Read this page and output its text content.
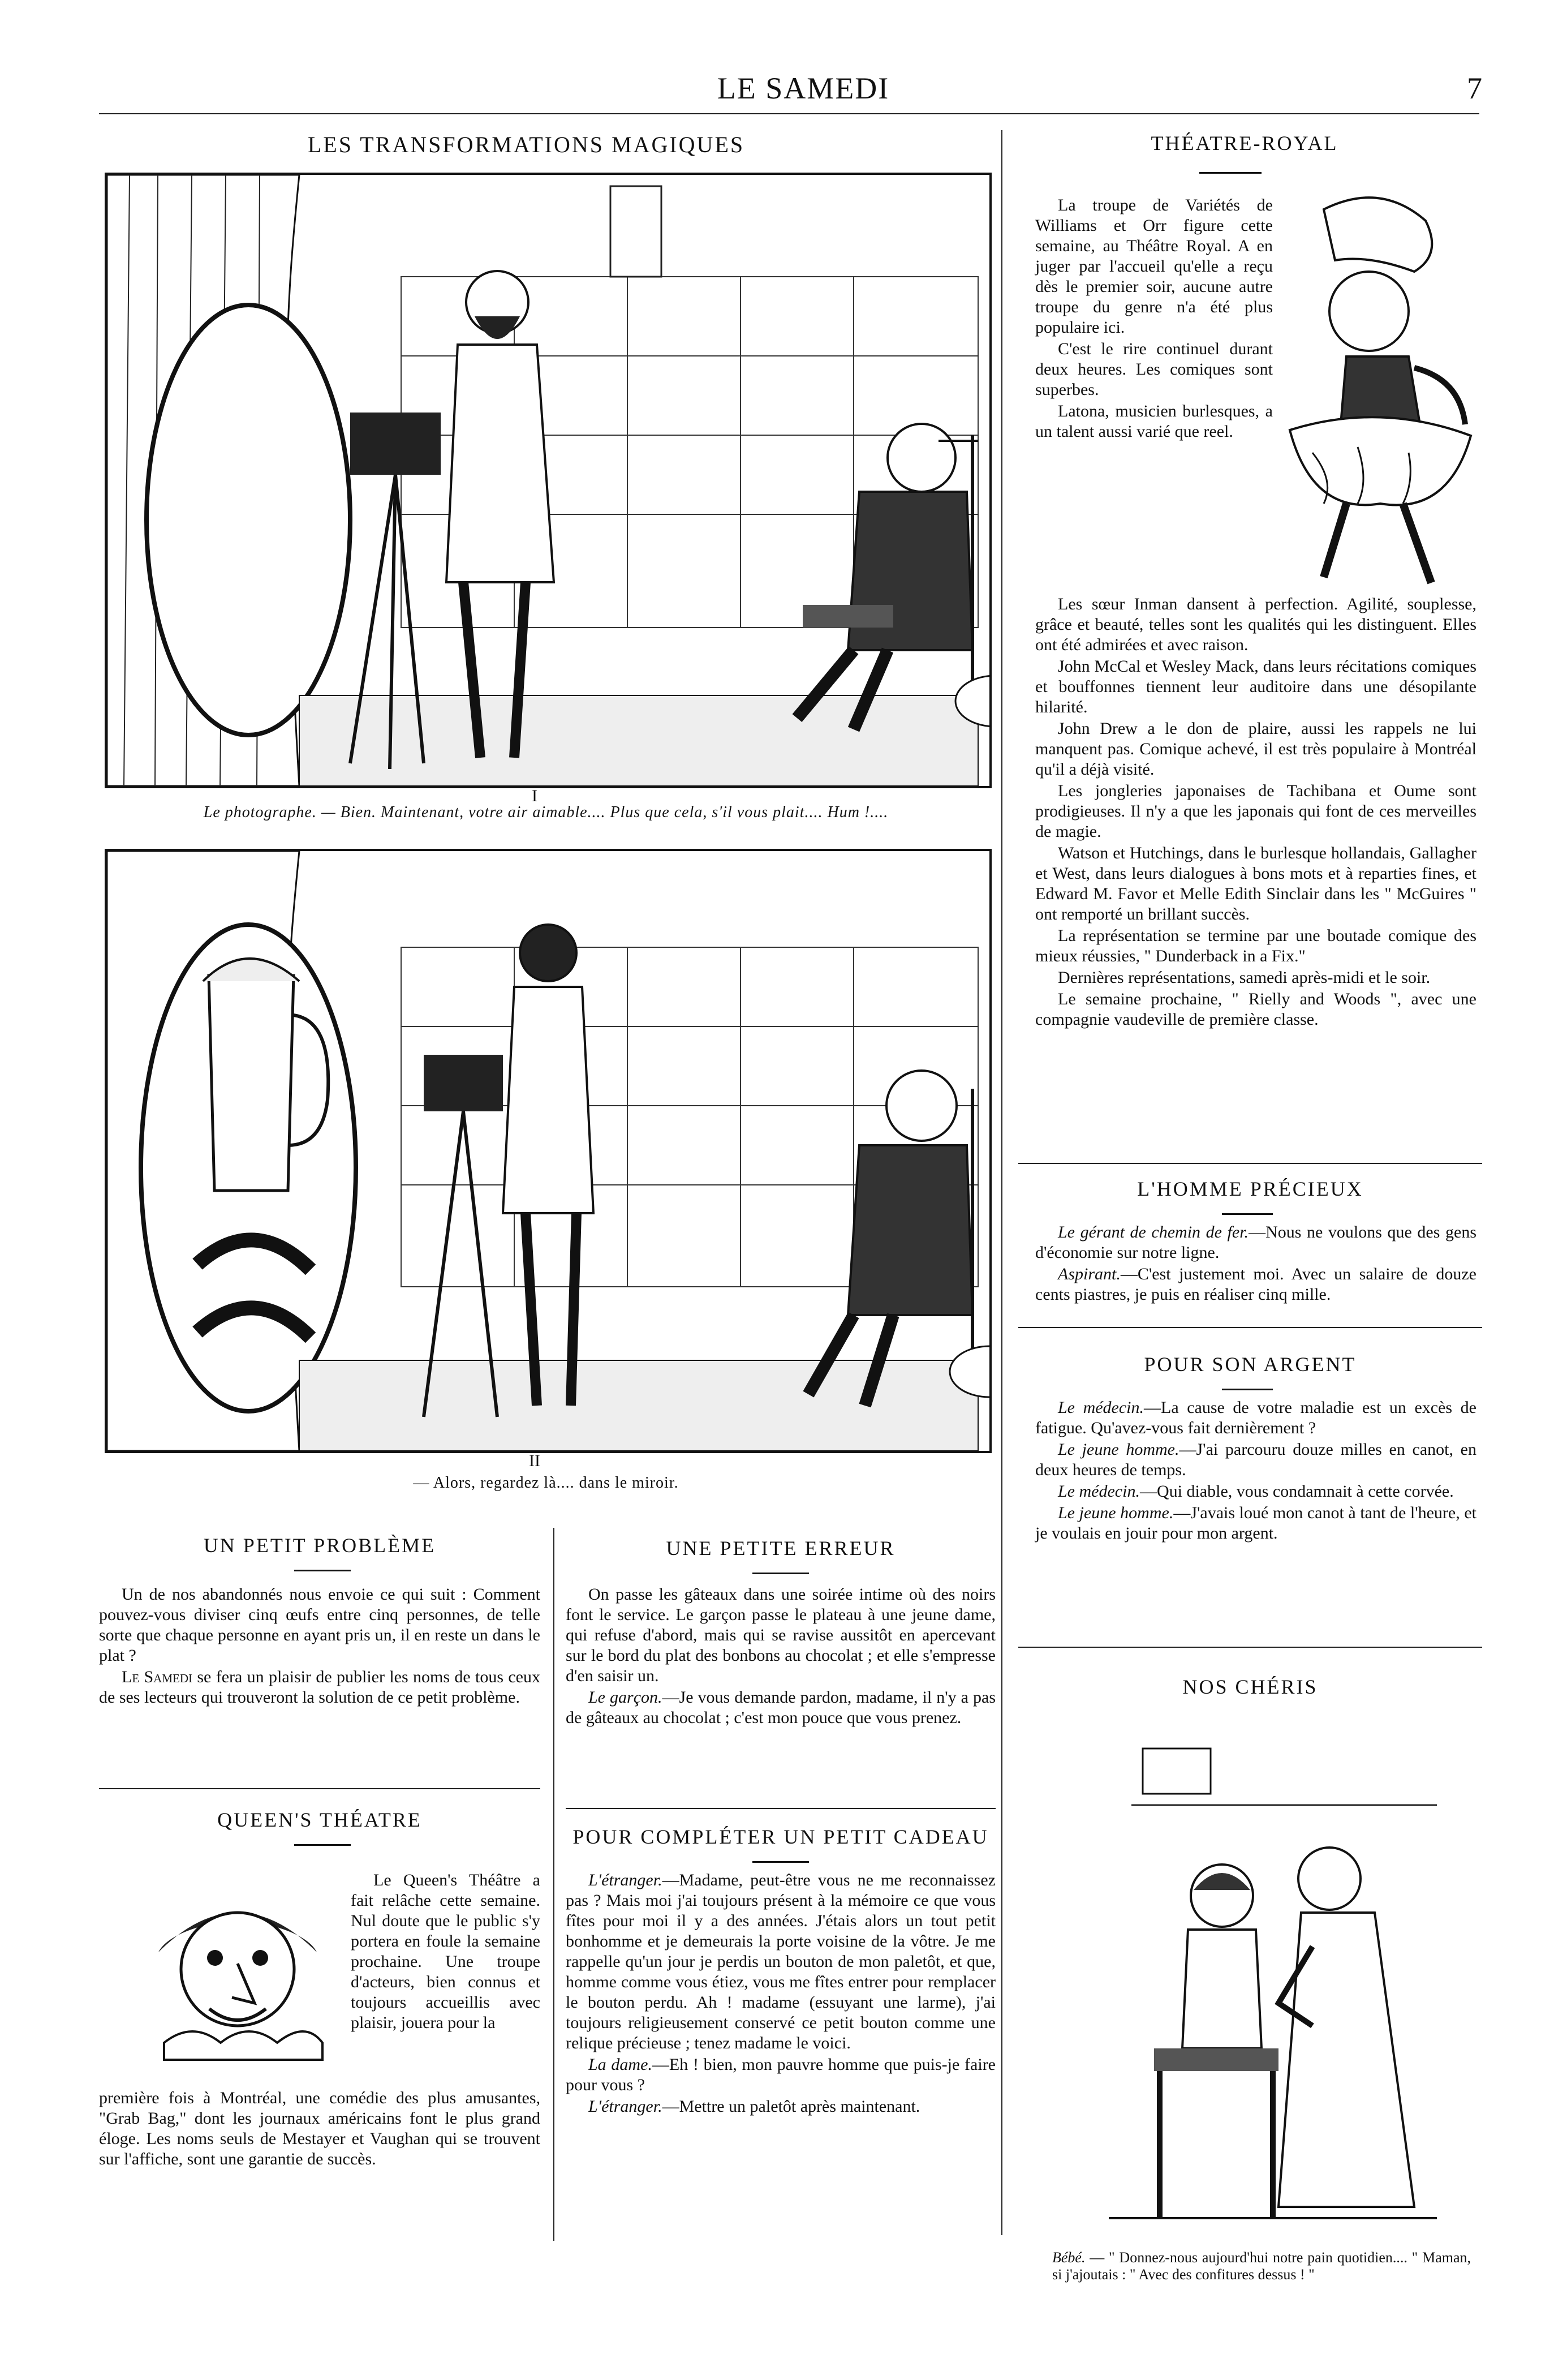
LE SAMEDI	7
LES TRANSFORMATIONS MAGIQUES
I
Le photographe. — Bien. Maintenant, votre air aimable.... Plus que cela, s'il vous plait.... Hum !....
II
— Alors, regardez là.... dans le miroir.
THÉATRE-ROYAL

La troupe de Variétés de Williams et Orr figure cette semaine, au Théâtre Royal. A en juger par l'accueil qu'elle a reçu dès le premier soir, aucune autre troupe du genre n'a été plus populaire ici.

C'est le rire continuel durant deux heures. Les comiques sont superbes.

Latona, musicien burlesques, a un talent aussi varié que reel.

Les sœur Inman dansent à perfection. Agilité, souplesse, grâce et beauté, telles sont les qualités qui les distinguent. Elles ont été admirées et avec raison.

John McCal et Wesley Mack, dans leurs récitations comiques et bouffonnes tiennent leur auditoire dans une désopilante hilarité.

John Drew a le don de plaire, aussi les rappels ne lui manquent pas. Comique achevé, il est très populaire à Montréal qu'il a déjà visité.

Les jongleries japonaises de Tachibana et Oume sont prodigieuses. Il n'y a que les japonais qui font de ces merveilles de magie.

Watson et Hutchings, dans le burlesque hollandais, Gallagher et West, dans leurs dialogues à bons mots et à reparties fines, et Edward M. Favor et Melle Edith Sinclair dans les " McGuires " ont remporté un brillant succès.

La représentation se termine par une boutade comique des mieux réussies, " Dunderback in a Fix."

Dernières représentations, samedi après-midi et le soir.

Le semaine prochaine, " Rielly and Woods ", avec une compagnie vaudeville de première classe.

L'HOMME PRÉCIEUX

Le gérant de chemin de fer.—Nous ne voulons que des gens d'économie sur notre ligne.

Aspirant.—C'est justement moi. Avec un salaire de douze cents piastres, je puis en réaliser cinq mille.

POUR SON ARGENT

Le médecin.—La cause de votre maladie est un excès de fatigue. Qu'avez-vous fait dernièrement ?

Le jeune homme.—J'ai parcouru douze milles en canot, en deux heures de temps.

Le médecin.—Qui diable, vous condamnait à cette corvée.

Le jeune homme.—J'avais loué mon canot à tant de l'heure, et je voulais en jouir pour mon argent.

NOS CHÉRIS
Bébé. — " Donnez-nous aujourd'hui notre pain quotidien.... " Maman, si j'ajoutais : " Avec des confitures dessus ! "
UN PETIT PROBLÈME

Un de nos abandonnés nous envoie ce qui suit : Comment pouvez-vous diviser cinq œufs entre cinq personnes, de telle sorte que chaque personne en ayant pris un, il en reste un dans le plat ?

Le Samedi se fera un plaisir de publier les noms de tous ceux de ses lecteurs qui trouveront la solution de ce petit problème.

QUEEN'S THÉATRE

Le Queen's Théâtre a fait relâche cette semaine. Nul doute que le public s'y portera en foule la semaine prochaine. Une troupe d'acteurs, bien connus et toujours accueillis avec plaisir, jouera pour la

première fois à Montréal, une comédie des plus amusantes, "Grab Bag," dont les journaux américains font le plus grand éloge. Les noms seuls de Mestayer et Vaughan qui se trouvent sur l'affiche, sont une garantie de succès.

UNE PETITE ERREUR

On passe les gâteaux dans une soirée intime où des noirs font le service. Le garçon passe le plateau à une jeune dame, qui refuse d'abord, mais qui se ravise aussitôt en apercevant sur le bord du plat des bonbons au chocolat ; et elle s'empresse d'en saisir un.

Le garçon.—Je vous demande pardon, madame, il n'y a pas de gâteaux au chocolat ; c'est mon pouce que vous prenez.

POUR COMPLÉTER UN PETIT CADEAU

L'étranger.—Madame, peut-être vous ne me reconnaissez pas ? Mais moi j'ai toujours présent à la mémoire ce que vous fîtes pour moi il y a des années. J'étais alors un tout petit bonhomme et je demeurais la porte voisine de la vôtre. Je me rappelle qu'un jour je perdis un bouton de mon paletôt, et que, homme comme vous étiez, vous me fîtes entrer pour remplacer le bouton perdu. Ah ! madame (essuyant une larme), j'ai toujours religieusement conservé ce petit bouton comme une relique précieuse ; tenez madame le voici.

La dame.—Eh ! bien, mon pauvre homme que puis-je faire pour vous ?

L'étranger.—Mettre un paletôt après maintenant.
